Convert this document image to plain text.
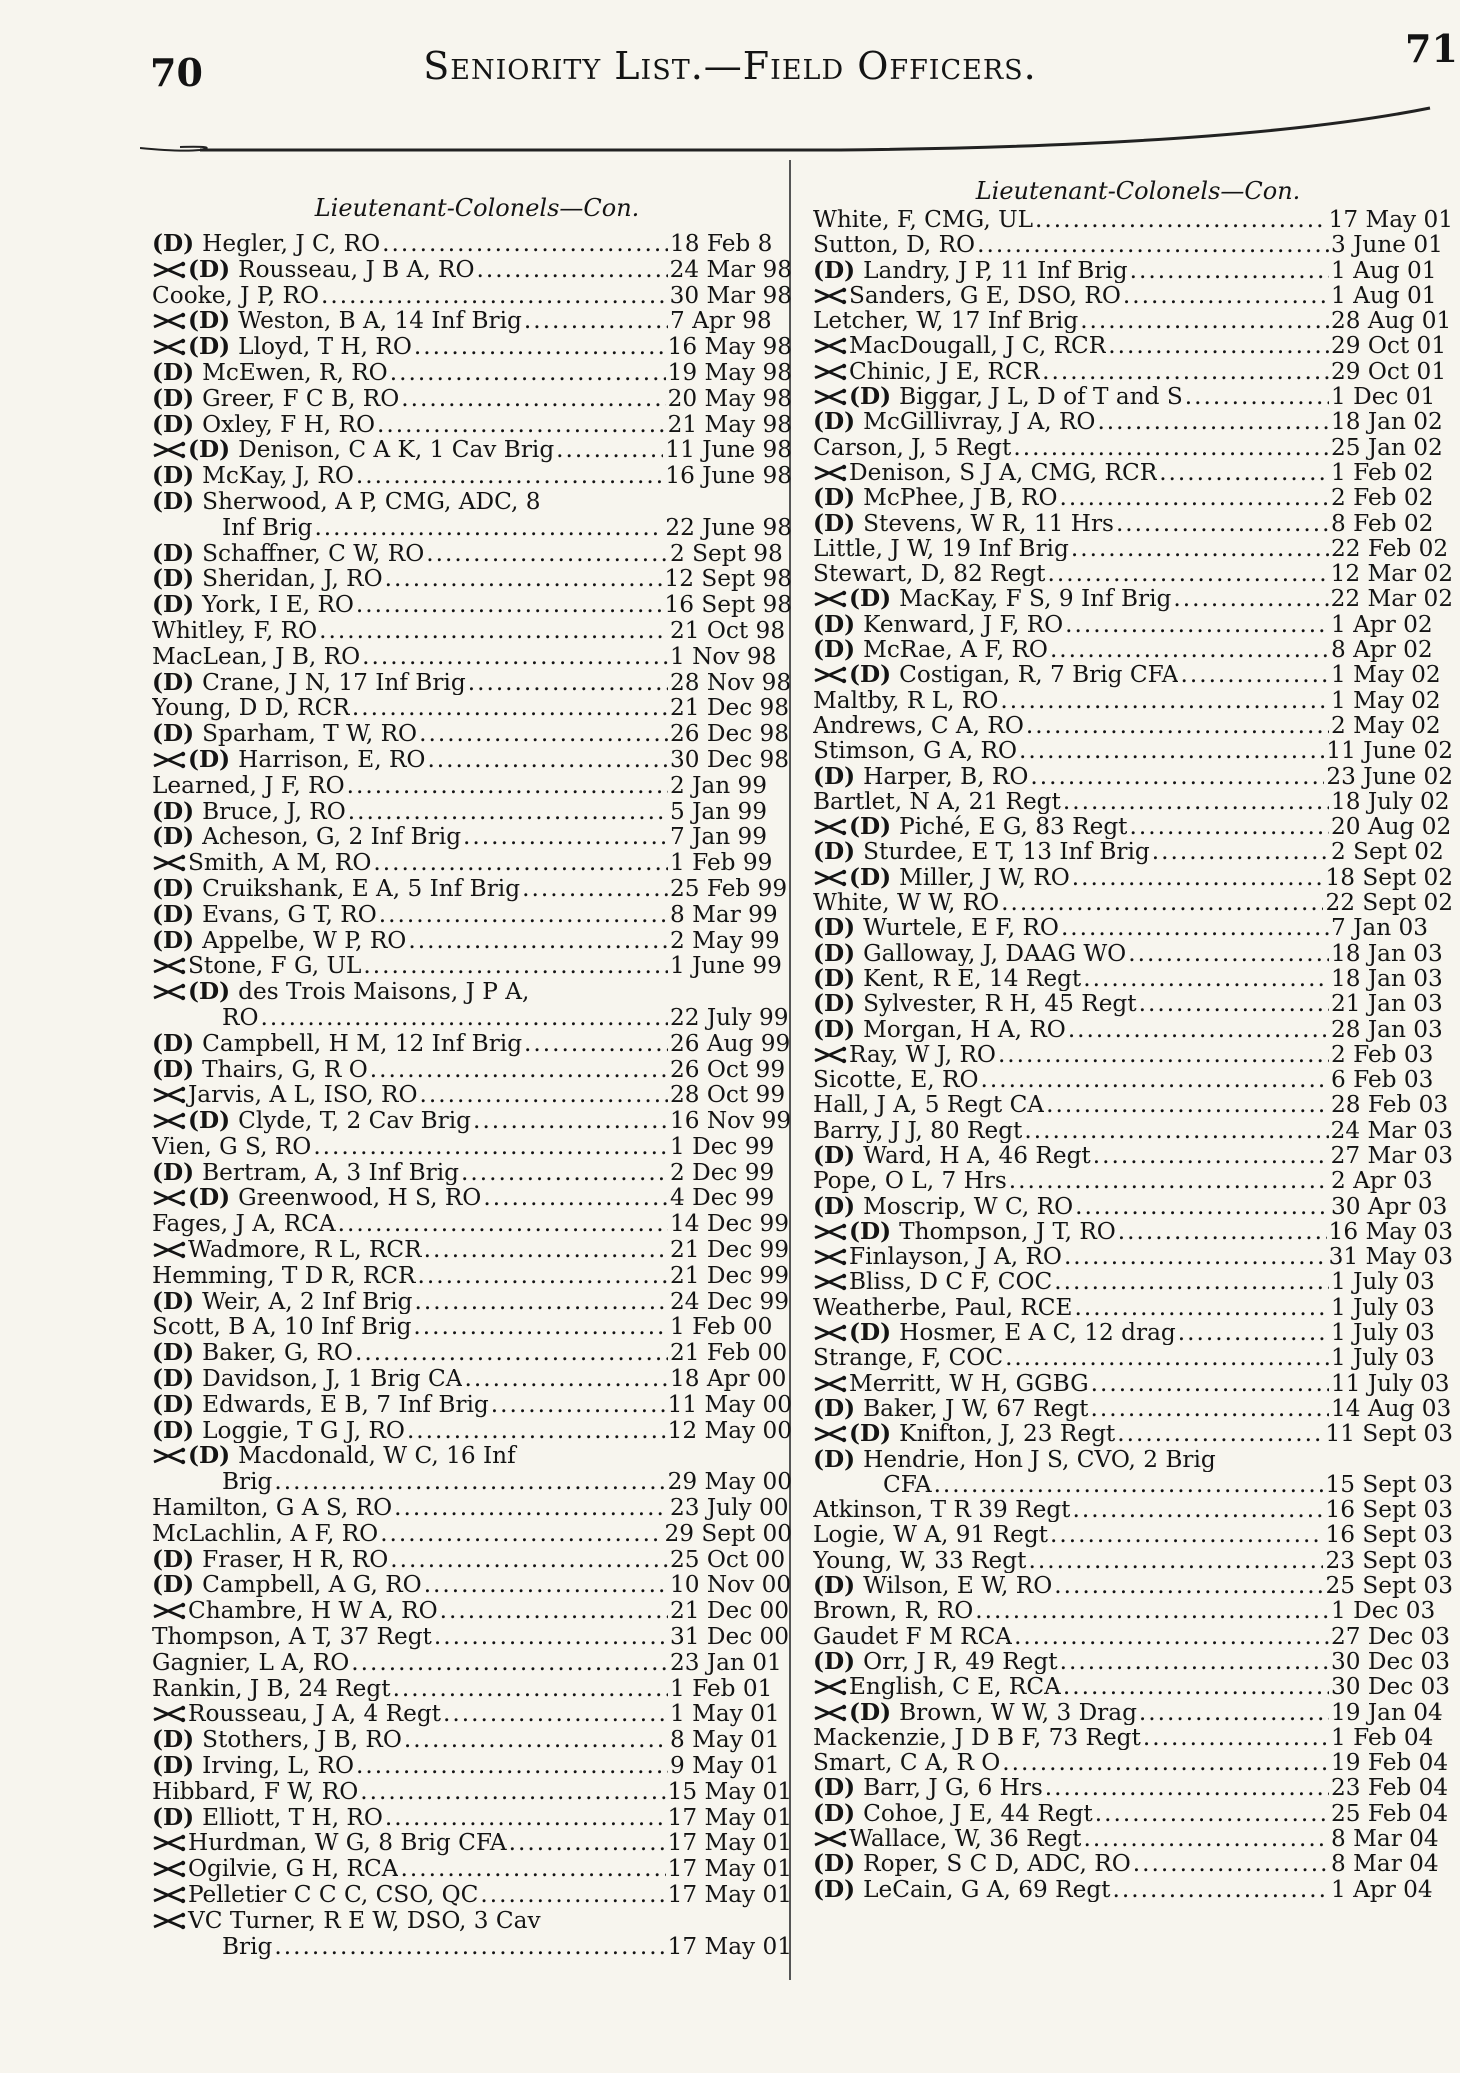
70	Seniority List.—Field Officers.	71
Lieutenant-Colonels—Con.
(D) Hegler, J C, RO .....	18 Feb 8
(D) Rousseau, J B A, RO .....	24 Mar 98
Cooke, J P, RO .....	30 Mar 98
(D) Weston, B A, 14 Inf Brig .....	7 Apr 98
(D) Lloyd, T H, RO .....	16 May 98
(D) McEwen, R, RO .....	19 May 98
(D) Greer, F C B, RO .....	20 May 98
(D) Oxley, F H, RO .....	21 May 98
(D) Denison, C A K, 1 Cav Brig .....	11 June 98
(D) McKay, J, RO .....	16 June 98
(D) Sherwood, A P, CMG, ADC, 8
Inf Brig .....	22 June 98
(D) Schaffner, C W, RO .....	2 Sept 98
(D) Sheridan, J, RO .....	12 Sept 98
(D) York, I E, RO .....	16 Sept 98
Whitley, F, RO .....	21 Oct 98
MacLean, J B, RO .....	1 Nov 98
(D) Crane, J N, 17 Inf Brig .....	28 Nov 98
Young, D D, RCR .....	21 Dec 98
(D) Sparham, T W, RO .....	26 Dec 98
(D) Harrison, E, RO .....	30 Dec 98
Learned, J F, RO .....	2 Jan 99
(D) Bruce, J, RO .....	5 Jan 99
(D) Acheson, G, 2 Inf Brig .....	7 Jan 99
Smith, A M, RO .....	1 Feb 99
(D) Cruikshank, E A, 5 Inf Brig .....	25 Feb 99
(D) Evans, G T, RO .....	8 Mar 99
(D) Appelbe, W P, RO .....	2 May 99
Stone, F G, UL .....	1 June 99
(D) des Trois Maisons, J P A,
RO .....	22 July 99
(D) Campbell, H M, 12 Inf Brig .....	26 Aug 99
(D) Thairs, G, R O .....	26 Oct 99
Jarvis, A L, ISO, RO .....	28 Oct 99
(D) Clyde, T, 2 Cav Brig .....	16 Nov 99
Vien, G S, RO .....	1 Dec 99
(D) Bertram, A, 3 Inf Brig .....	2 Dec 99
(D) Greenwood, H S, RO .....	4 Dec 99
Fages, J A, RCA .....	14 Dec 99
Wadmore, R L, RCR .....	21 Dec 99
Hemming, T D R, RCR .....	21 Dec 99
(D) Weir, A, 2 Inf Brig .....	24 Dec 99
Scott, B A, 10 Inf Brig .....	1 Feb 00
(D) Baker, G, RO .....	21 Feb 00
(D) Davidson, J, 1 Brig CA .....	18 Apr 00
(D) Edwards, E B, 7 Inf Brig .....	11 May 00
(D) Loggie, T G J, RO .....	12 May 00
(D) Macdonald, W C, 16 Inf
Brig .....	29 May 00
Hamilton, G A S, RO .....	23 July 00
McLachlin, A F, RO .....	29 Sept 00
(D) Fraser, H R, RO .....	25 Oct 00
(D) Campbell, A G, RO .....	10 Nov 00
Chambre, H W A, RO .....	21 Dec 00
Thompson, A T, 37 Regt .....	31 Dec 00
Gagnier, L A, RO .....	23 Jan 01
Rankin, J B, 24 Regt .....	1 Feb 01
Rousseau, J A, 4 Regt .....	1 May 01
(D) Stothers, J B, RO .....	8 May 01
(D) Irving, L, RO .....	9 May 01
Hibbard, F W, RO .....	15 May 01
(D) Elliott, T H, RO .....	17 May 01
Hurdman, W G, 8 Brig CFA .....	17 May 01
Ogilvie, G H, RCA .....	17 May 01
Pelletier C C C, CSO, QC .....	17 May 01
VC Turner, R E W, DSO, 3 Cav
Brig .....	17 May 01
Lieutenant-Colonels—Con.
White, F, CMG, UL .....	17 May 01
Sutton, D, RO .....	3 June 01
(D) Landry, J P, 11 Inf Brig .....	1 Aug 01
Sanders, G E, DSO, RO .....	1 Aug 01
Letcher, W, 17 Inf Brig .....	28 Aug 01
MacDougall, J C, RCR .....	29 Oct 01
Chinic, J E, RCR .....	29 Oct 01
(D) Biggar, J L, D of T and S .....	1 Dec 01
(D) McGillivray, J A, RO .....	18 Jan 02
Carson, J, 5 Regt .....	25 Jan 02
Denison, S J A, CMG, RCR .....	1 Feb 02
(D) McPhee, J B, RO .....	2 Feb 02
(D) Stevens, W R, 11 Hrs .....	8 Feb 02
Little, J W, 19 Inf Brig .....	22 Feb 02
Stewart, D, 82 Regt .....	12 Mar 02
(D) MacKay, F S, 9 Inf Brig .....	22 Mar 02
(D) Kenward, J F, RO .....	1 Apr 02
(D) McRae, A F, RO .....	8 Apr 02
(D) Costigan, R, 7 Brig CFA .....	1 May 02
Maltby, R L, RO .....	1 May 02
Andrews, C A, RO .....	2 May 02
Stimson, G A, RO .....	11 June 02
(D) Harper, B, RO .....	23 June 02
Bartlet, N A, 21 Regt .....	18 July 02
(D) Piché, E G, 83 Regt .....	20 Aug 02
(D) Sturdee, E T, 13 Inf Brig .....	2 Sept 02
(D) Miller, J W, RO .....	18 Sept 02
White, W W, RO .....	22 Sept 02
(D) Wurtele, E F, RO .....	7 Jan 03
(D) Galloway, J, DAAG WO .....	18 Jan 03
(D) Kent, R E, 14 Regt .....	18 Jan 03
(D) Sylvester, R H, 45 Regt .....	21 Jan 03
(D) Morgan, H A, RO .....	28 Jan 03
Ray, W J, RO .....	2 Feb 03
Sicotte, E, RO .....	6 Feb 03
Hall, J A, 5 Regt CA .....	28 Feb 03
Barry, J J, 80 Regt .....	24 Mar 03
(D) Ward, H A, 46 Regt .....	27 Mar 03
Pope, O L, 7 Hrs .....	2 Apr 03
(D) Moscrip, W C, RO .....	30 Apr 03
(D) Thompson, J T, RO .....	16 May 03
Finlayson, J A, RO .....	31 May 03
Bliss, D C F, COC .....	1 July 03
Weatherbe, Paul, RCE .....	1 July 03
(D) Hosmer, E A C, 12 drag .....	1 July 03
Strange, F, COC .....	1 July 03
Merritt, W H, GGBG .....	11 July 03
(D) Baker, J W, 67 Regt .....	14 Aug 03
(D) Knifton, J, 23 Regt .....	11 Sept 03
(D) Hendrie, Hon J S, CVO, 2 Brig
CFA .....	15 Sept 03
Atkinson, T R 39 Regt .....	16 Sept 03
Logie, W A, 91 Regt .....	16 Sept 03
Young, W, 33 Regt .....	23 Sept 03
(D) Wilson, E W, RO .....	25 Sept 03
Brown, R, RO .....	1 Dec 03
Gaudet F M RCA .....	27 Dec 03
(D) Orr, J R, 49 Regt .....	30 Dec 03
English, C E, RCA .....	30 Dec 03
(D) Brown, W W, 3 Drag .....	19 Jan 04
Mackenzie, J D B F, 73 Regt .....	1 Feb 04
Smart, C A, R O .....	19 Feb 04
(D) Barr, J G, 6 Hrs .....	23 Feb 04
(D) Cohoe, J E, 44 Regt .....	25 Feb 04
Wallace, W, 36 Regt .....	8 Mar 04
(D) Roper, S C D, ADC, RO .....	8 Mar 04
(D) LeCain, G A, 69 Regt .....	1 Apr 04
